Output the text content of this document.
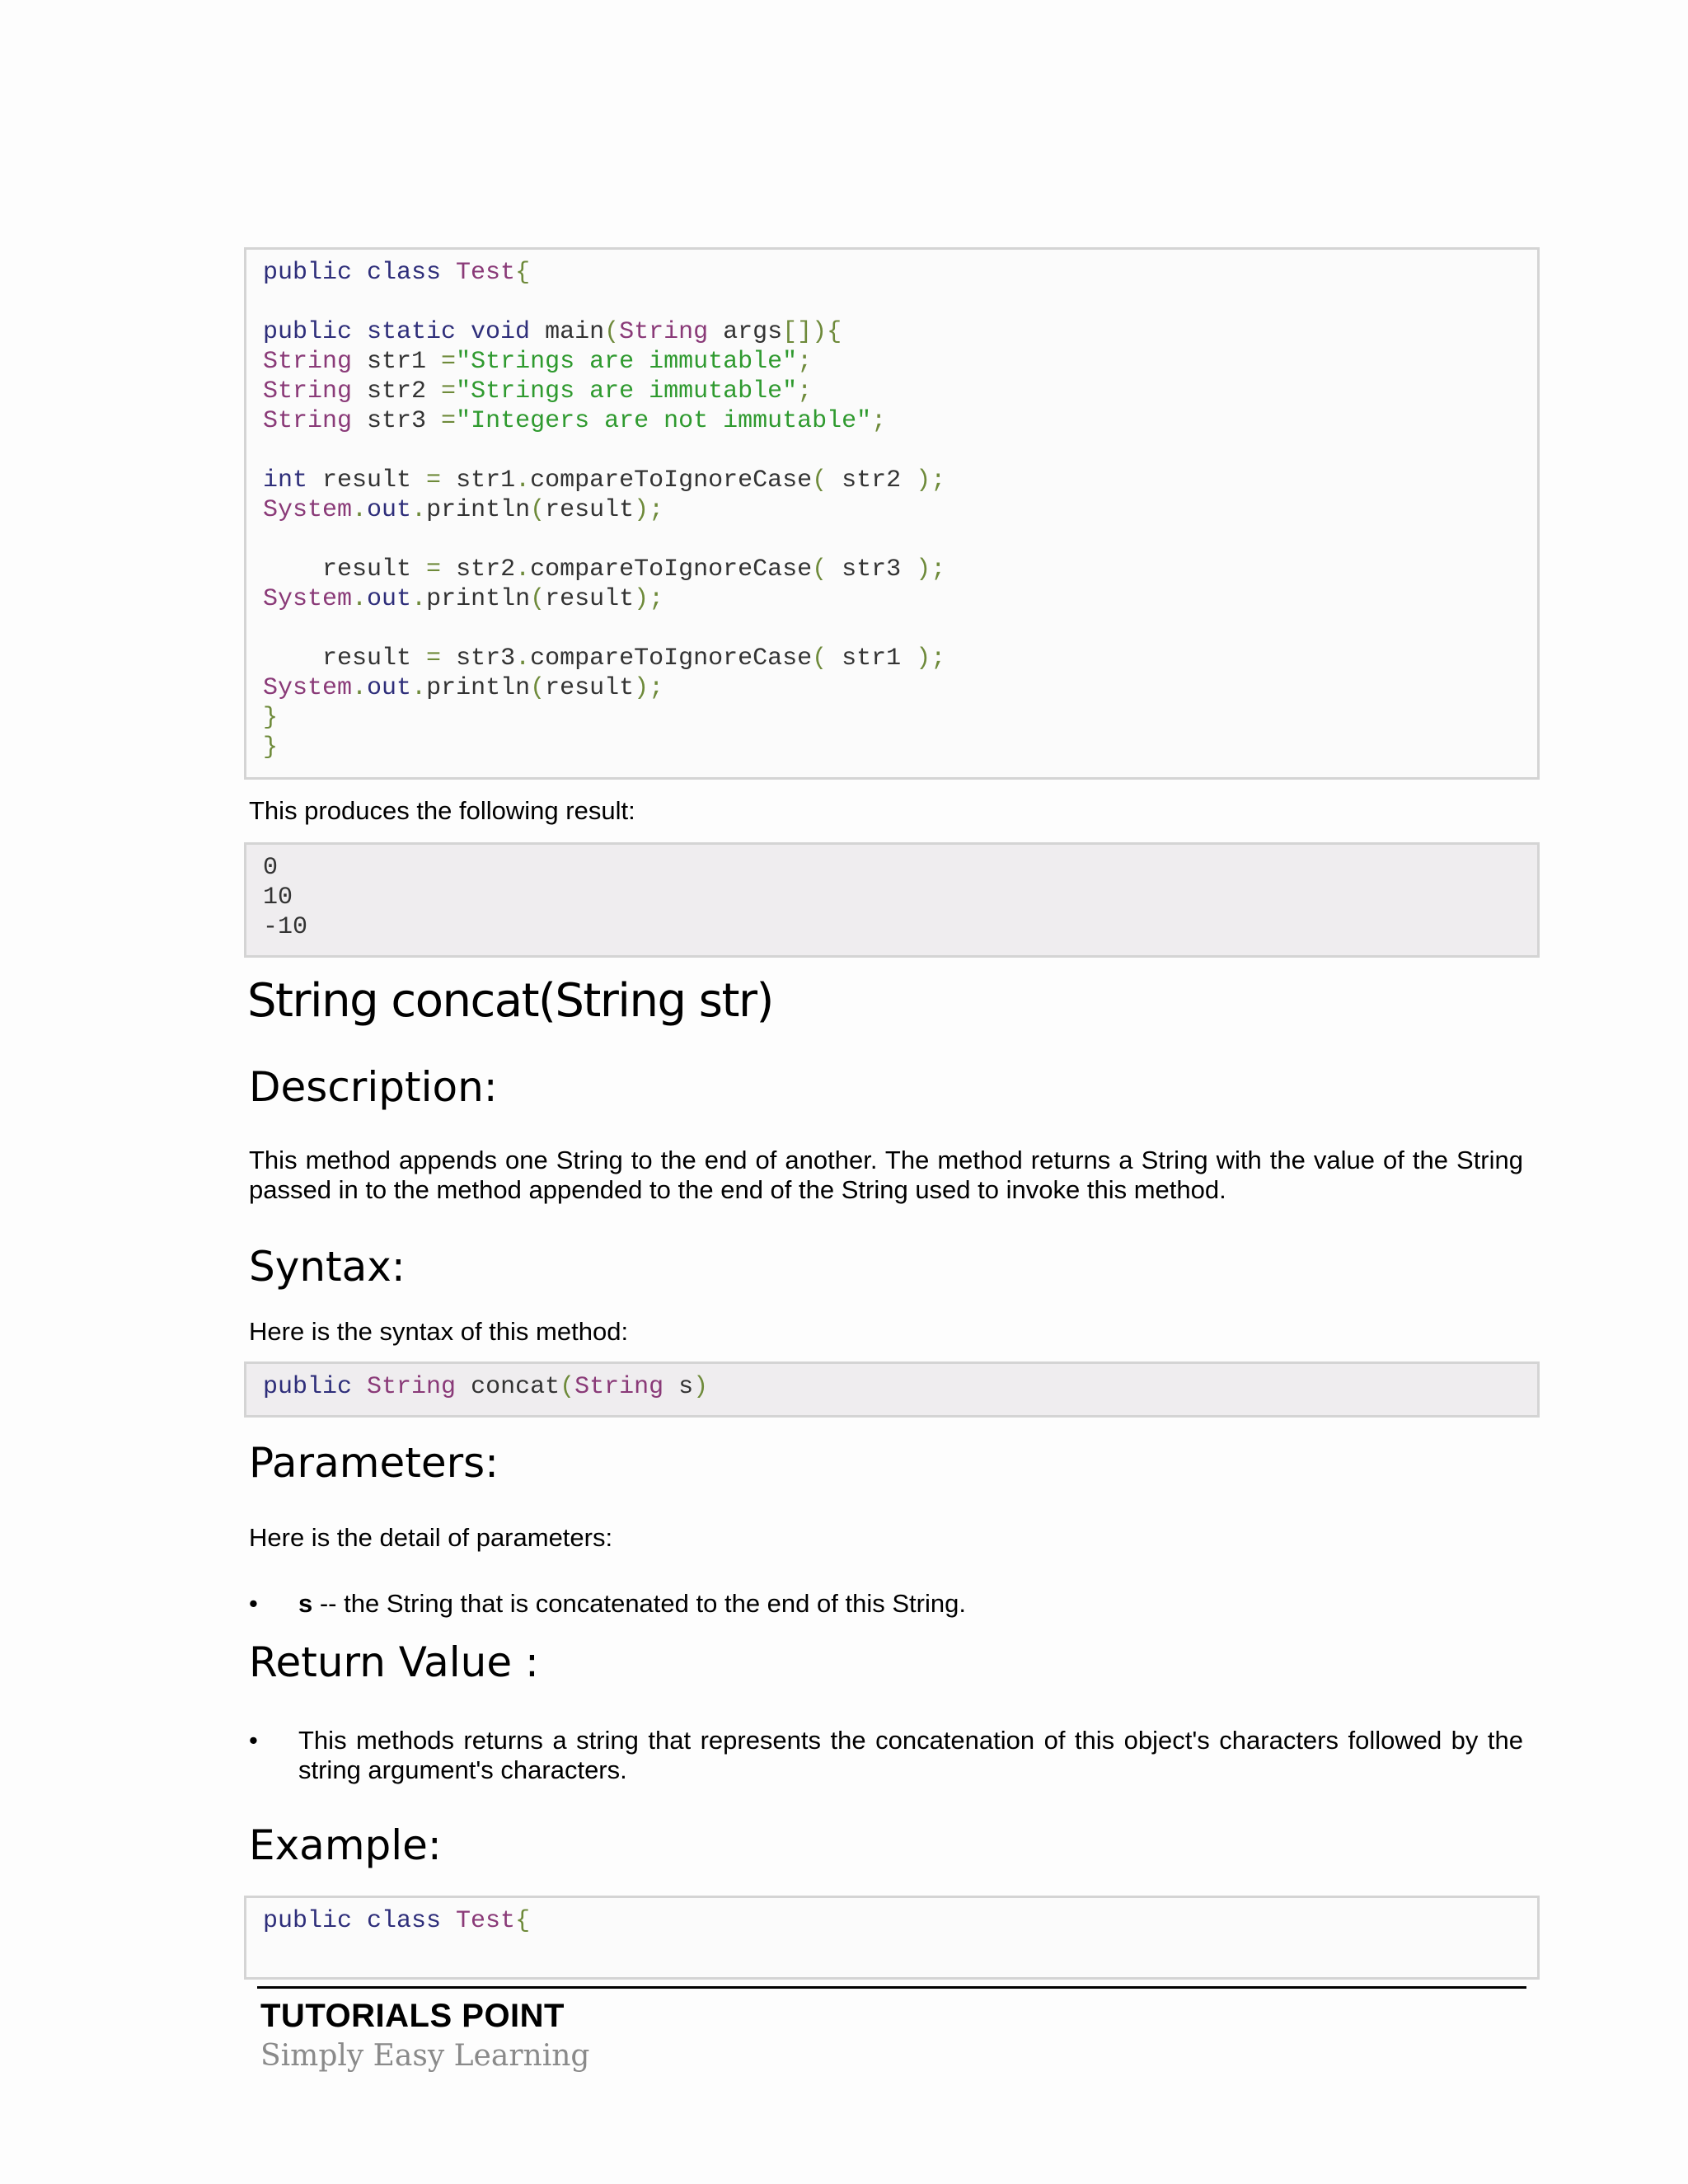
public class Test{

public static void main(String args[]){
String str1 ="Strings are immutable";
String str2 ="Strings are immutable";
String str3 ="Integers are not immutable";

int result = str1.compareToIgnoreCase( str2 );
System.out.println(result);

result = str2.compareToIgnoreCase( str3 );
System.out.println(result);

result = str3.compareToIgnoreCase( str1 );
System.out.println(result);
}
}
This produces the following result:
0
10
-10
String concat(String str)
Description:
This method appends one String to the end of another. The method returns a String with the value of the String passed in to the method appended to the end of the String used to invoke this method.
Syntax:
Here is the syntax of this method:
public String concat(String s)
Parameters:
Here is the detail of parameters:
• s -- the String that is concatenated to the end of this String.
Return Value :
• This methods returns a string that represents the concatenation of this object's characters followed by the string argument's characters.
Example:
public class Test{

TUTORIALS POINT
Simply Easy Learning
